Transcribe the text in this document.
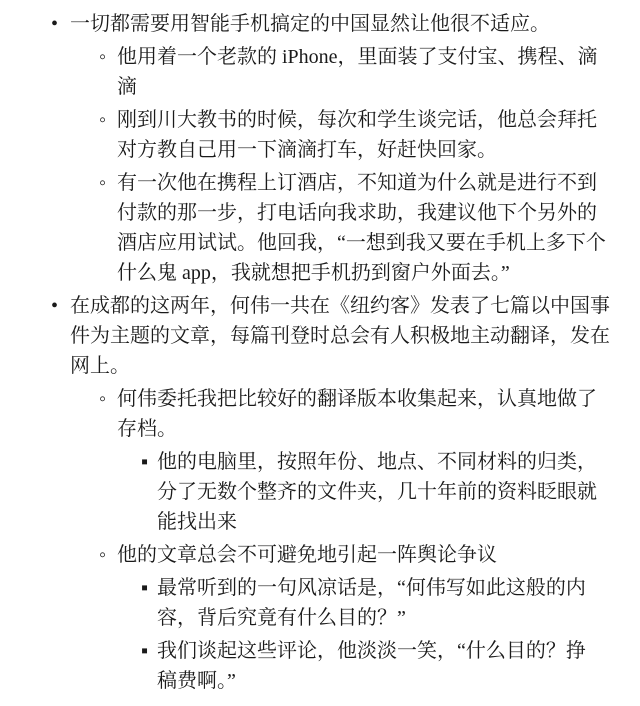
• 一切都需要用智能手机搞定的中国显然让他很不适应。
◦ 他用着一个老款的 iPhone，里面装了支付宝、携程、滴滴
◦ 刚到川大教书的时候，每次和学生谈完话，他总会拜托对方教自己用一下滴滴打车，好赶快回家。
◦ 有一次他在携程上订酒店，不知道为什么就是进行不到付款的那一步，打电话向我求助，我建议他下个另外的酒店应用试试。他回我，“一想到我又要在手机上多下个什么鬼 app，我就想把手机扔到窗户外面去。”
• 在成都的这两年，何伟一共在《纽约客》发表了七篇以中国事件为主题的文章，每篇刊登时总会有人积极地主动翻译，发在网上。
◦ 何伟委托我把比较好的翻译版本收集起来，认真地做了存档。
▪ 他的电脑里，按照年份、地点、不同材料的归类，分了无数个整齐的文件夹，几十年前的资料眨眼就能找出来
◦ 他的文章总会不可避免地引起一阵舆论争议
▪ 最常听到的一句风凉话是，“何伟写如此这般的内容，背后究竟有什么目的？”
▪ 我们谈起这些评论，他淡淡一笑，“什么目的？挣稿费啊。”
